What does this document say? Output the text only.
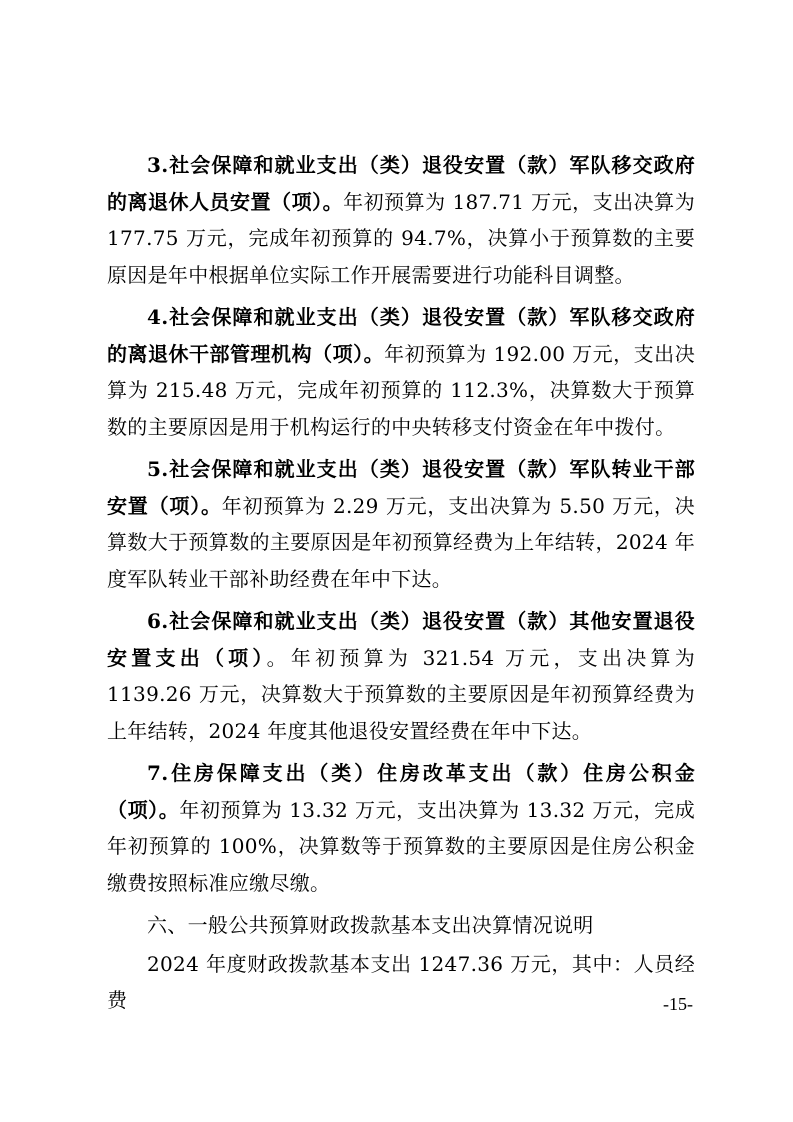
3.社会保障和就业支出（类）退役安置（款）军队移交政府的离退休人员安置（项）。年初预算为 187.71 万元，支出决算为 177.75 万元，完成年初预算的 94.7%，决算小于预算数的主要原因是年中根据单位实际工作开展需要进行功能科目调整。

4.社会保障和就业支出（类）退役安置（款）军队移交政府的离退休干部管理机构（项）。年初预算为 192.00 万元，支出决算为 215.48 万元，完成年初预算的 112.3%，决算数大于预算数的主要原因是用于机构运行的中央转移支付资金在年中拨付。

5.社会保障和就业支出（类）退役安置（款）军队转业干部安置（项）。年初预算为 2.29 万元，支出决算为 5.50 万元，决算数大于预算数的主要原因是年初预算经费为上年结转，2024 年度军队转业干部补助经费在年中下达。

6.社会保障和就业支出（类）退役安置（款）其他安置退役安置支出（项）。年初预算为 321.54 万元，支出决算为 1139.26 万元，决算数大于预算数的主要原因是年初预算经费为上年结转，2024 年度其他退役安置经费在年中下达。

7.住房保障支出（类）住房改革支出（款）住房公积金（项）。年初预算为 13.32 万元，支出决算为 13.32 万元，完成年初预算的 100%，决算数等于预算数的主要原因是住房公积金缴费按照标准应缴尽缴。

六、一般公共预算财政拨款基本支出决算情况说明

2024 年度财政拨款基本支出 1247.36 万元，其中：人员经费	-15-
